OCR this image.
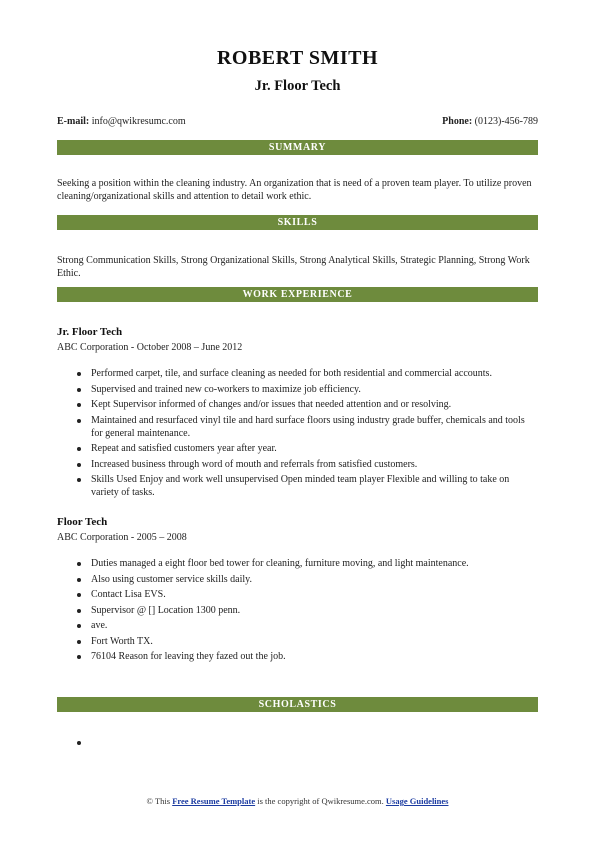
ROBERT SMITH
Jr. Floor Tech
E-mail: info@qwikresumc.com	Phone: (0123)-456-789
SUMMARY
Seeking a position within the cleaning industry. An organization that is need of a proven team player. To utilize proven cleaning/organizational skills and attention to detail work ethic.
SKILLS
Strong Communication Skills, Strong Organizational Skills, Strong Analytical Skills, Strategic Planning, Strong Work Ethic.
WORK EXPERIENCE
Jr. Floor Tech
ABC Corporation - October 2008 – June 2012
Performed carpet, tile, and surface cleaning as needed for both residential and commercial accounts.
Supervised and trained new co-workers to maximize job efficiency.
Kept Supervisor informed of changes and/or issues that needed attention and or resolving.
Maintained and resurfaced vinyl tile and hard surface floors using industry grade buffer, chemicals and tools for general maintenance.
Repeat and satisfied customers year after year.
Increased business through word of mouth and referrals from satisfied customers.
Skills Used Enjoy and work well unsupervised Open minded team player Flexible and willing to take on variety of tasks.
Floor Tech
ABC Corporation - 2005 – 2008
Duties managed a eight floor bed tower for cleaning, furniture moving, and light maintenance.
Also using customer service skills daily.
Contact Lisa EVS.
Supervisor @ [] Location 1300 penn.
ave.
Fort Worth TX.
76104 Reason for leaving they fazed out the job.
SCHOLASTICS

© This Free Resume Template is the copyright of Qwikresume.com. Usage Guidelines
